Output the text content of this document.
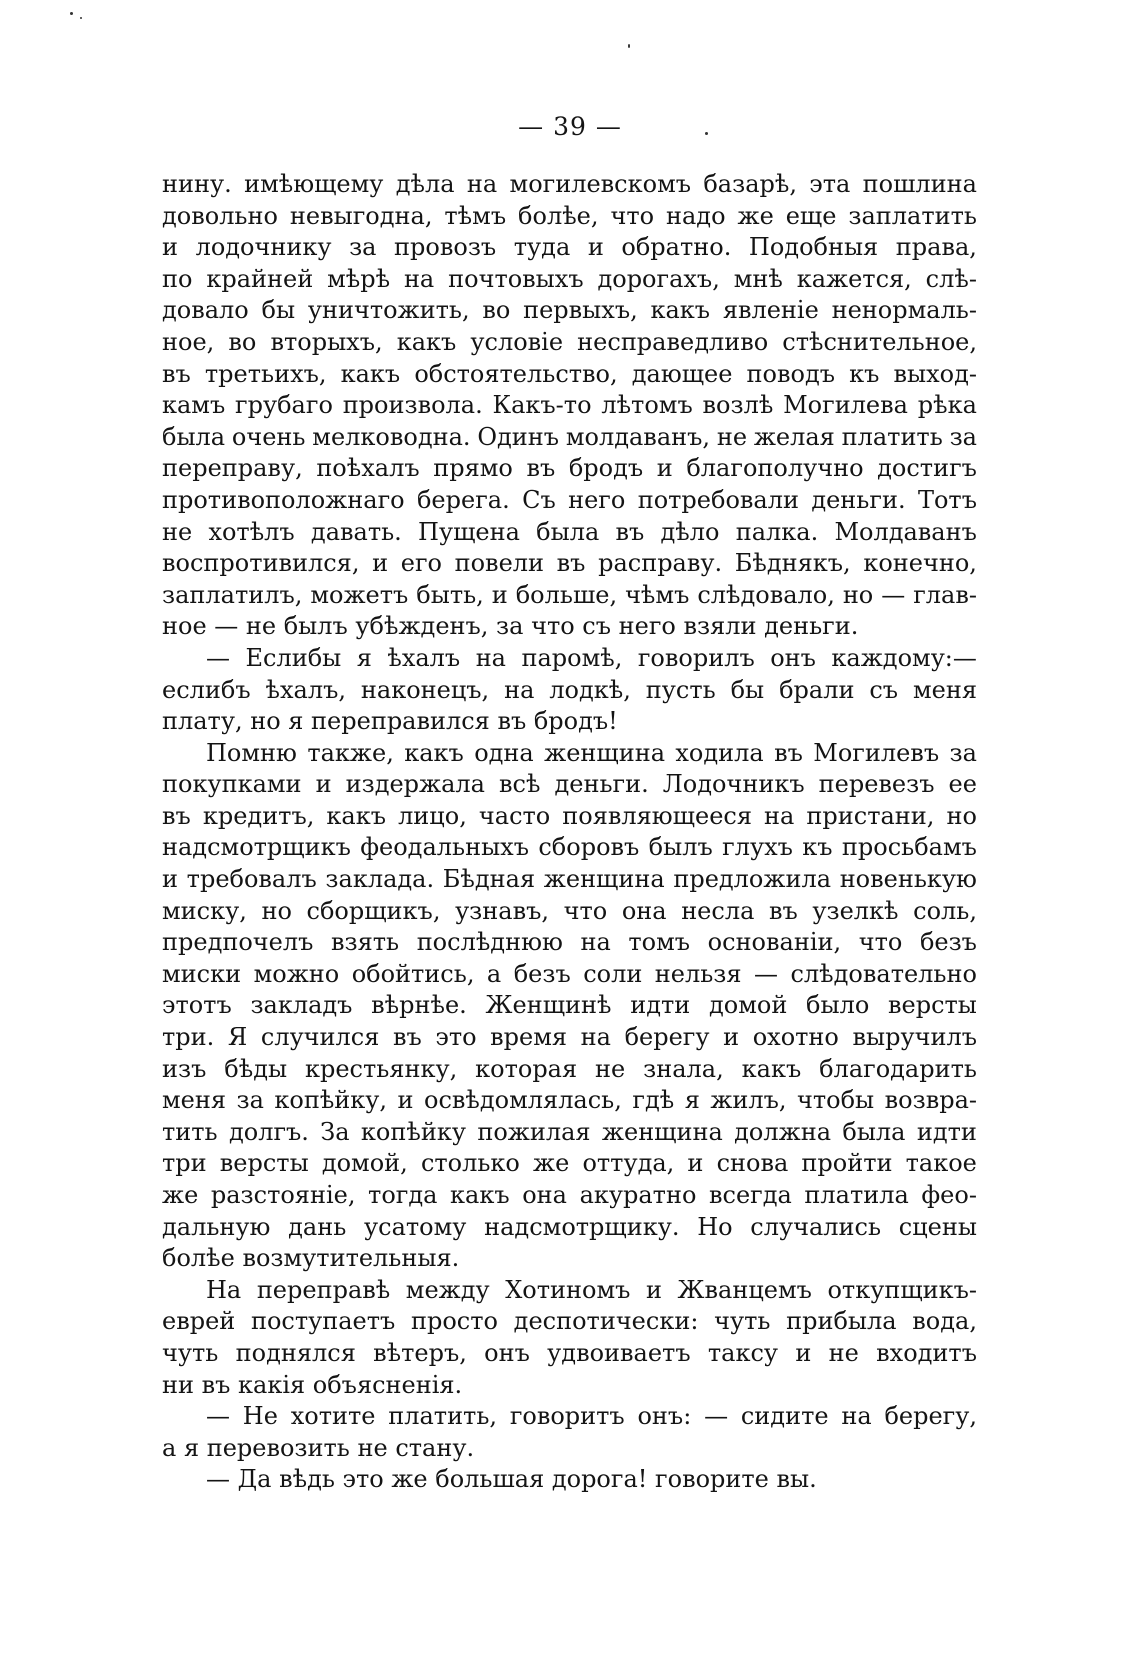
— 39 —
нину. имѣющему дѣла на могилевскомъ базарѣ, эта пошлина
довольно невыгодна, тѣмъ болѣе, что надо же еще заплатить
и лодочнику за провозъ туда и обратно. Подобныя права,
по крайней мѣрѣ на почтовыхъ дорогахъ, мнѣ кажется, слѣ-
довало бы уничтожить, во первыхъ, какъ явленіе ненормаль-
ное, во вторыхъ, какъ условіе несправедливо стѣснительное,
въ третьихъ, какъ обстоятельство, дающее поводъ къ выход-
камъ грубаго произвола. Какъ-то лѣтомъ возлѣ Могилева рѣка
была очень мелководна. Одинъ молдаванъ, не желая платить за
переправу, поѣхалъ прямо въ бродъ и благополучно достигъ
противоположнаго берега. Съ него потребовали деньги. Тотъ
не хотѣлъ давать. Пущена была въ дѣло палка. Молдаванъ
воспротивился, и его повели въ расправу. Бѣднякъ, конечно,
заплатилъ, можетъ быть, и больше, чѣмъ слѣдовало, но — глав-
ное — не былъ убѣжденъ, за что съ него взяли деньги.
— Еслибы я ѣхалъ на паромѣ, говорилъ онъ каждому:—
еслибъ ѣхалъ, наконецъ, на лодкѣ, пусть бы брали съ меня
плату, но я переправился въ бродъ!
Помню также, какъ одна женщина ходила въ Могилевъ за
покупками и издержала всѣ деньги. Лодочникъ перевезъ ее
въ кредитъ, какъ лицо, часто появляющееся на пристани, но
надсмотрщикъ феодальныхъ сборовъ былъ глухъ къ просьбамъ
и требовалъ заклада. Бѣдная женщина предложила новенькую
миску, но сборщикъ, узнавъ, что она несла въ узелкѣ соль,
предпочелъ взять послѣднюю на томъ основаніи, что безъ
миски можно обойтись, а безъ соли нельзя — слѣдовательно
этотъ закладъ вѣрнѣе. Женщинѣ идти домой было версты
три. Я случился въ это время на берегу и охотно выручилъ
изъ бѣды крестьянку, которая не знала, какъ благодарить
меня за копѣйку, и освѣдомлялась, гдѣ я жилъ, чтобы возвра-
тить долгъ. За копѣйку пожилая женщина должна была идти
три версты домой, столько же оттуда, и снова пройти такое
же разстояніе, тогда какъ она акуратно всегда платила фео-
дальную дань усатому надсмотрщику. Но случались сцены
болѣе возмутительныя.
На переправѣ между Хотиномъ и Жванцемъ откупщикъ-
еврей поступаетъ просто деспотически: чуть прибыла вода,
чуть поднялся вѣтеръ, онъ удвоиваетъ таксу и не входитъ
ни въ какія объясненія.
— Не хотите платить, говоритъ онъ: — сидите на берегу,
а я перевозить не стану.
— Да вѣдь это же большая дорога! говорите вы.
